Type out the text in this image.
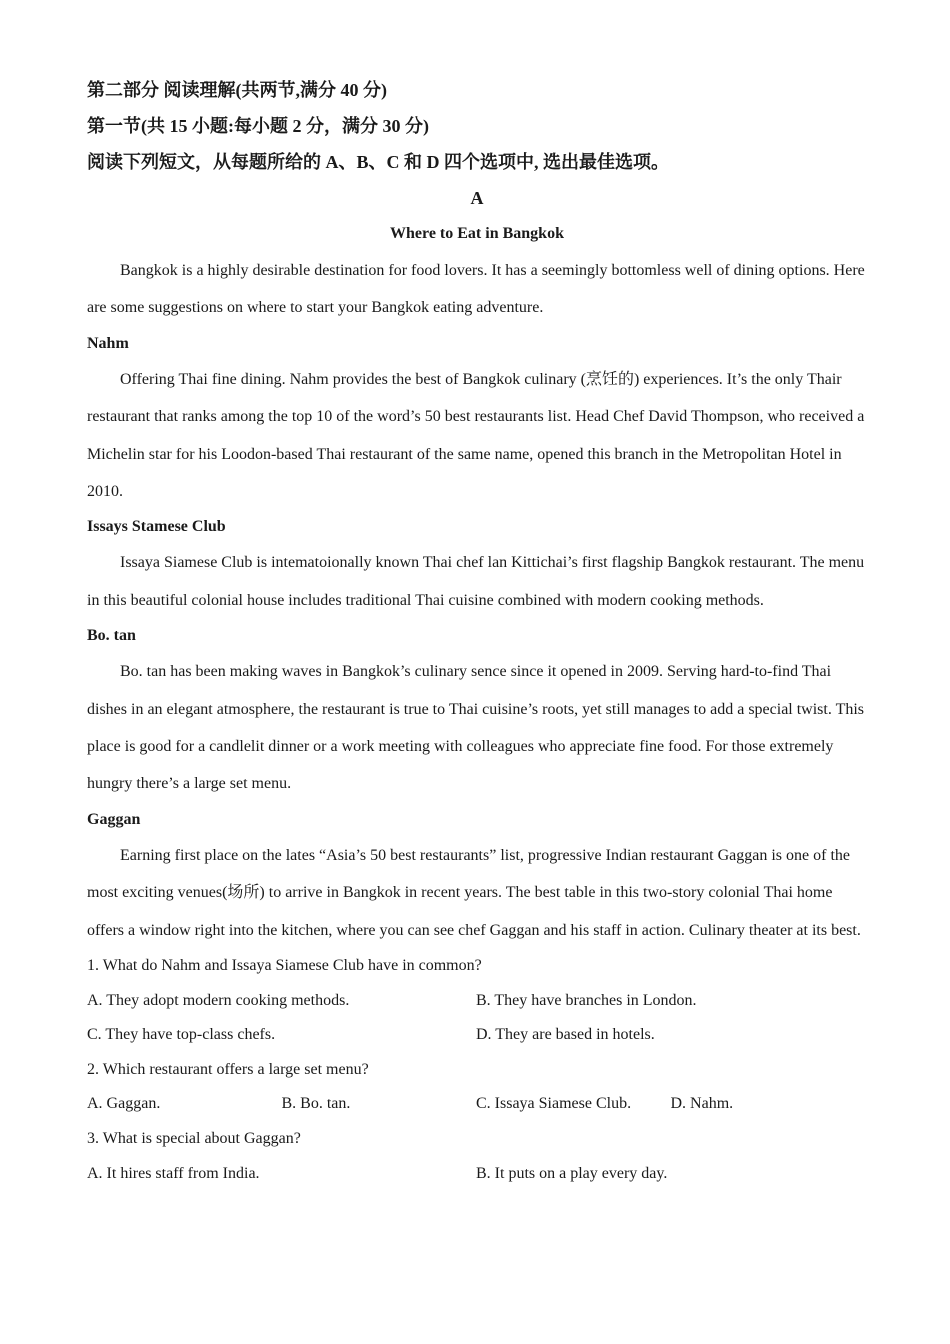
第二部分 阅读理解(共两节,满分 40 分)

第一节(共 15 小题:每小题 2 分，满分 30 分)

阅读下列短文，从每题所给的 A、B、C 和 D 四个选项中, 选出最佳选项。

A

Where to Eat in Bangkok

Bangkok is a highly desirable destination for food lovers. It has a seemingly bottomless well of dining options. Here are some suggestions on where to start your Bangkok eating adventure.

Nahm

Offering Thai fine dining. Nahm provides the best of Bangkok culinary (烹饪的) experiences. It’s the only Thair restaurant that ranks among the top 10 of the word’s 50 best restaurants list. Head Chef David Thompson, who received a Michelin star for his Loodon-based Thai restaurant of the same name, opened this branch in the Metropolitan Hotel in 2010.

Issays Stamese Club

Issaya Siamese Club is intematoionally known Thai chef lan Kittichai’s first flagship Bangkok restaurant. The menu in this beautiful colonial house includes traditional Thai cuisine combined with modern cooking methods.

Bo. tan

Bo. tan has been making waves in Bangkok’s culinary sence since it opened in 2009. Serving hard-to-find Thai dishes in an elegant atmosphere, the restaurant is true to Thai cuisine’s roots, yet still manages to add a special twist. This place is good for a candlelit dinner or a work meeting with colleagues who appreciate fine food. For those extremely hungry there’s a large set menu.

Gaggan

Earning first place on the lates “Asia’s 50 best restaurants” list, progressive Indian restaurant Gaggan is one of the most exciting venues(场所) to arrive in Bangkok in recent years. The best table in this two-story colonial Thai home offers a window right into the kitchen, where you can see chef Gaggan and his staff in action. Culinary theater at its best.

1. What do Nahm and Issaya Siamese Club have in common?

A. They adopt modern cooking methods.	B. They have branches in London.
C. They have top-class chefs.	D. They are based in hotels.

2. Which restaurant offers a large set menu?

A. Gaggan.	B. Bo. tan.	C. Issaya Siamese Club.	D. Nahm.

3. What is special about Gaggan?

A. It hires staff from India.	B. It puts on a play every day.
